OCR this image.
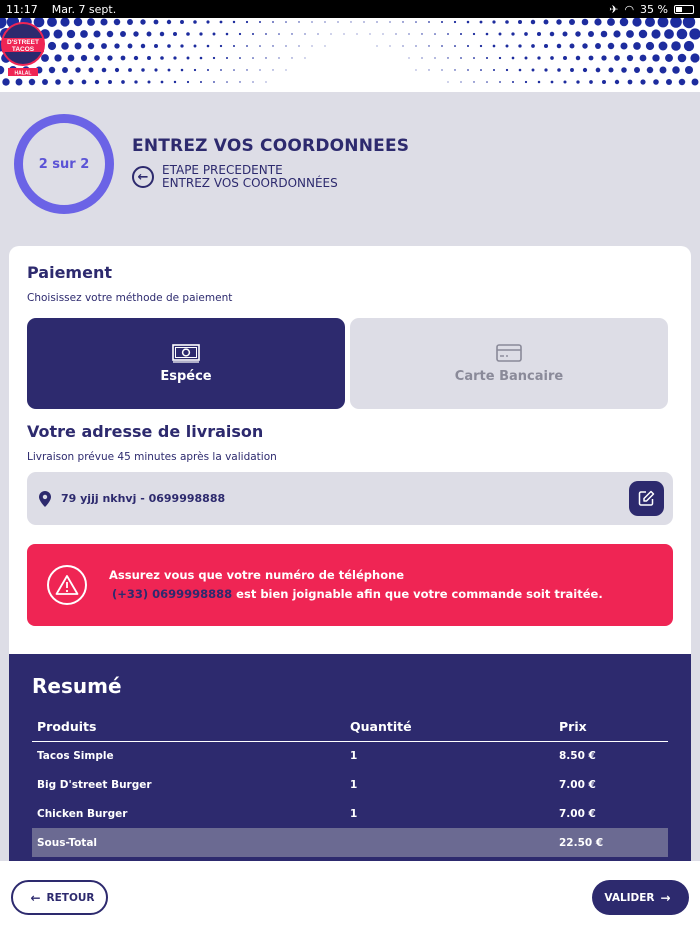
11:17 Mar. 7 sept.	✈ ◠ 35 %
D'STREET
TACOS
HALAL
2 sur 2
ENTREZ VOS COORDONNEES
←	ETAPE PRECEDENTE
ENTREZ VOS COORDONNÉES
Paiement
Choisissez votre méthode de paiement
Espéce	Carte Bancaire
Votre adresse de livraison
Livraison prévue 45 minutes après la validation
79 yjjj nkhvj - 0699998888
Assurez vous que votre numéro de téléphone
(+33) 0699998888 est bien joignable afin que votre commande soit traitée.
Resumé
Produits	Quantité	Prix
Tacos Simple	1	8.50 €
Big D'street Burger	1	7.00 €
Chicken Burger	1	7.00 €
Sous-Total		22.50 €
← RETOUR	VALIDER →
